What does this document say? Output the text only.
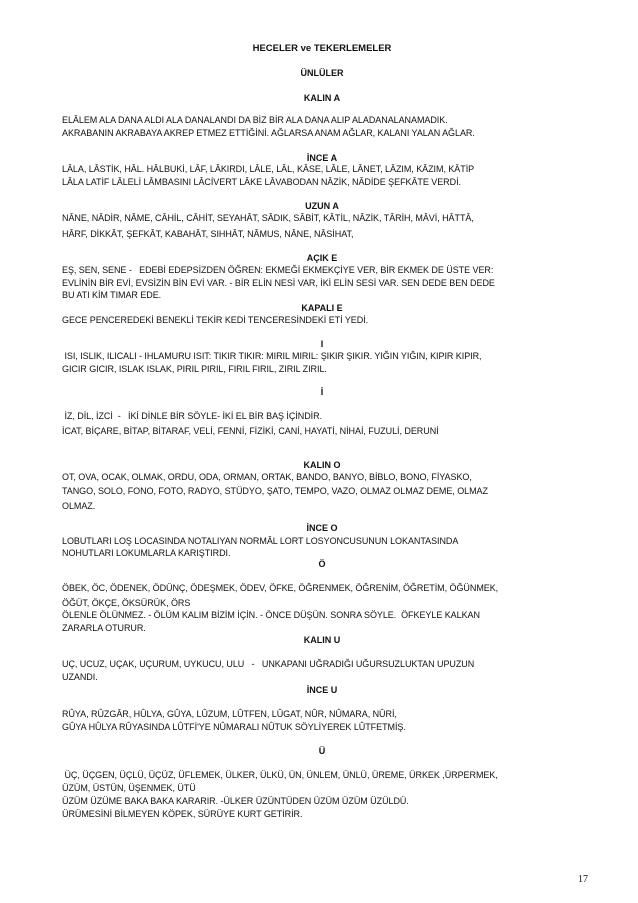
HECELER ve TEKERLEMELER
ÜNLÜLER
KALIN A
ELÂLEM ALA DANA ALDI ALA DANALANDI DA BİZ BİR ALA DANA ALIP ALADANALANAMADIK.
AKRABANIN AKRABAYA AKREP ETMEZ ETTİĞİNİ. AĞLARSA ANAM AĞLAR, KALANI YALAN AĞLAR.
İNCE A
LÂLA, LÂSTİK, HÂL. HÂLBUKİ, LÂF, LÂKIRDI, LÂLE, LÂL, KÂSE, LÂLE, LÂNET, LÂZIM, KÂZIM, KÂTİP
LÂLA LATİF LÂLELİ LÂMBASINI LÂCİVERT LÂKE LÂVABODAN NÂZİK, NÂDİDE ŞEFKÂTE VERDİ.
UZUN A
NÂNE, NÂDİR, NÂME, CÂHİL, CÂHİT, SEYAHÂT, SÂDIK, SÂBİT, KÂTİL, NÂZİK, TÂRİH, MÂVİ, HÂTTÂ,
HÂRF, DİKKÂT, ŞEFKÂT, KABAHÂT, SIHHÂT, NÂMUS, NÂNE, NÂSİHAT,
AÇIK E
EŞ, SEN, SENE -   EDEBİ EDEPSİZDEN ÖĞREN: EKMEĞİ EKMEKÇİYE VER, BİR EKMEK DE ÜSTE VER:
EVLİNİN BİR EVİ, EVSİZİN BİN EVİ VAR. - BİR ELİN NESİ VAR, İKİ ELİN SESİ VAR. SEN DEDE BEN DEDE
BU ATI KİM TIMAR EDE.
KAPALI E
GECE PENCEREDEKİ BENEKLİ TEKİR KEDİ TENCERESİNDEKİ ETİ YEDİ.
I
ISI, ISLIK, ILICALI - IHLAMURU ISIT: TIKIR TIKIR: MIRIL MIRIL: ŞIKIR ŞIKIR. YIĞIN YIĞIN, KIPIR KIPIR,
GICIR GICIR, ISLAK ISLAK, PIRIL PIRIL, FIRIL FIRIL, ZIRIL ZIRIL.
İ
İZ, DİL, İZCİ  -   İKİ DİNLE BİR SÖYLE- İKİ EL BİR BAŞ İÇİNDİR.
İCAT, BİÇARE, BİTAP, BİTARAF, VELİ, FENNİ, FİZİKİ, CANİ, HAYATİ, NİHAİ, FUZULİ, DERUNİ
KALIN O
OT, OVA, OCAK, OLMAK, ORDU, ODA, ORMAN, ORTAK, BANDO, BANYO, BİBLO, BONO, FİYASKO,
TANGO, SOLO, FONO, FOTO, RADYO, STÜDYO, ŞATO, TEMPO, VAZO, OLMAZ OLMAZ DEME, OLMAZ
OLMAZ.
İNCE O
LOBUTLARI LOŞ LOCASINDA NOTALIYAN NORMÂL LORT LOSYONCUSUNUN LOKANTASINDA
NOHUTLARI LOKUMLARLA KARIŞTIRDI.
Ö
ÖBEK, ÖC, ÖDENEK, ÖDÜNÇ, ÖDEŞMEK, ÖDEV, ÖFKE, ÖĞRENMEK, ÖĞRENİM, ÖĞRETİM, ÖĞÜNMEK,
ÖĞÜT, ÖKÇE, ÖKSÜRÜK, ÖRS
ÖLENLE ÖLÜNMEZ. - ÖLÜM KALIM BİZİM İÇİN. - ÖNCE DÜŞÜN. SONRA SÖYLE.  ÖFKEYLE KALKAN
ZARARLA OTURUR.
KALIN U
UÇ, UCUZ, UÇAK, UÇURUM, UYKUCU, ULU   -   UNKAPANI UĞRADIĞI UĞURSUZLUKTAN UPUZUN
UZANDI.
İNCE U
RÛYA, RÛZGÂR, HÛLYA, GÛYA, LÛZUM, LÛTFEN, LÛGAT, NÛR, NÛMARA, NÛRİ,
GÛYA HÛLYA RÛYASINDA LÛTFİ'YE NÛMARALI NÛTUK SÖYLİYEREK LÛTFETMİŞ.
Ü
ÜÇ, ÜÇGEN, ÜÇLÜ, ÜÇÜZ, ÜFLEMEK, ÜLKER, ÜLKÜ, ÜN, ÜNLEM, ÜNLÜ, ÜREME, ÜRKEK ,ÜRPERMEK,
ÜZÜM, ÜSTÜN, ÜŞENMEK, ÜTÜ
ÜZÜM ÜZÜME BAKA BAKA KARARIR. -ÜLKER ÜZÜNTÜDEN ÜZÜM ÜZÜM ÜZÜLDÜ.
ÜRÜMESİNİ BİLMEYEN KÖPEK, SÜRÜYE KURT GETİRİR.
17
